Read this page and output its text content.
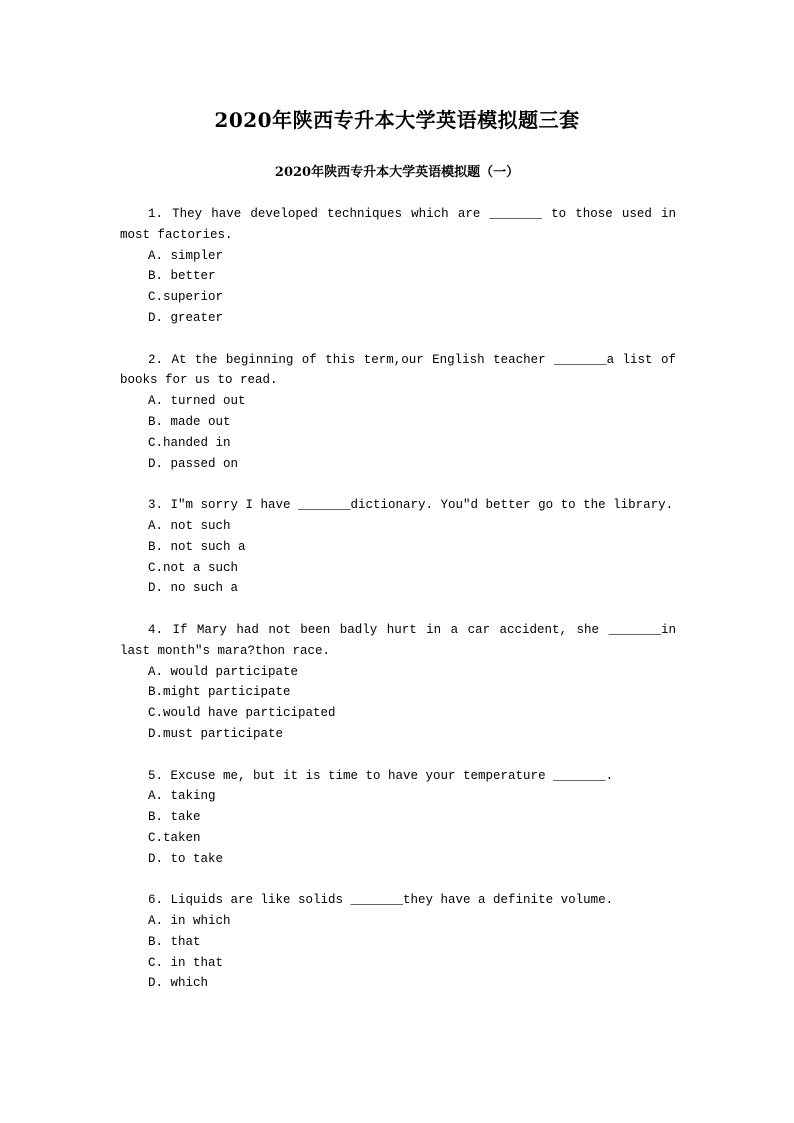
2020年陕西专升本大学英语模拟题三套
2020年陕西专升本大学英语模拟题（一）
1. They have developed techniques which are _______ to those used in most factories.
A. simpler
B. better
C.superior
D. greater
2. At the beginning of this term,our English teacher _______a list of books for us to read.
A. turned out
B. made out
C.handed in
D. passed on
3. I″m sorry I have _______dictionary. You″d better go to the library.
A. not such
B. not such a
C.not a such
D. no such a
4. If Mary had not been badly hurt in a car accident, she _______in last month″s mara?thon race.
A. would participate
B.might participate
C.would have participated
D.must participate
5. Excuse me, but it is time to have your temperature _______.
A. taking
B. take
C.taken
D. to take
6. Liquids are like solids _______they have a definite volume.
A. in which
B. that
C. in that
D. which
